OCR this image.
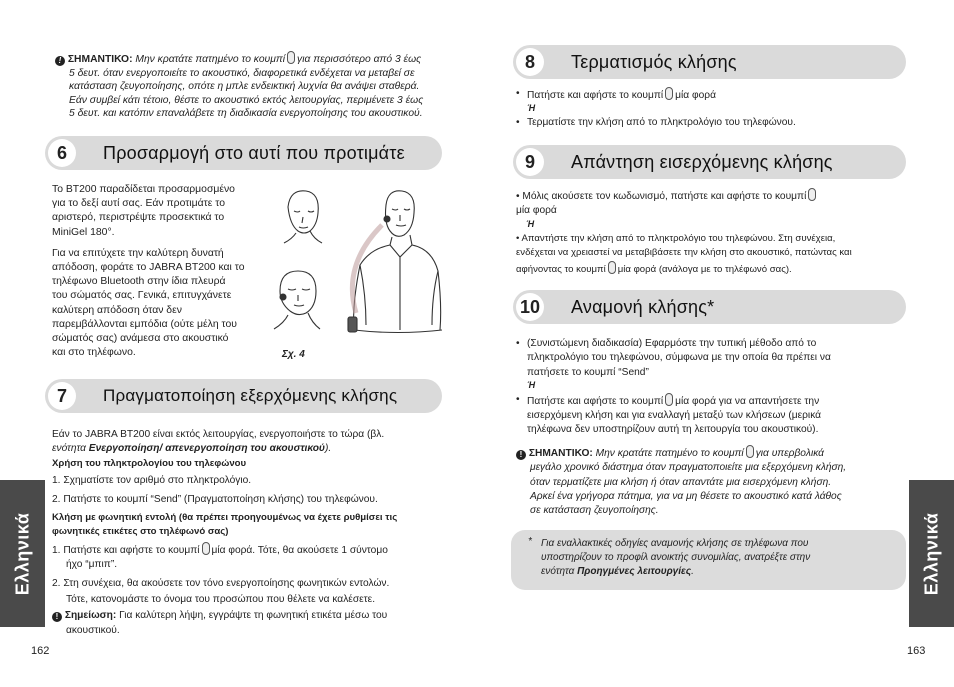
! ΣΗΜΑΝΤΙΚΟ: Μην κρατάτε πατημένο το κουμπί για περισσότερο από 3 έως
5 δευτ. όταν ενεργοποιείτε το ακουστικό, διαφορετικά ενδέχεται να μεταβεί σε
κατάσταση ζευγοποίησης, οπότε η μπλε ενδεικτική λυχνία θα ανάψει σταθερά.
Εάν συμβεί κάτι τέτοιο, θέστε το ακουστικό εκτός λειτουργίας, περιμένετε 3 έως
5 δευτ. και κατόπιν επαναλάβετε τη διαδικασία ενεργοποίησης του ακουστικού.
6	Προσαρμογή στο αυτί που προτιμάτε
Το BT200 παραδίδεται προσαρμοσμένο
για το δεξί αυτί σας. Εάν προτιμάτε το
αριστερό, περιστρέψτε προσεκτικά το
MiniGel 180°.
Για να επιτύχετε την καλύτερη δυνατή
απόδοση, φοράτε το JABRA BT200 και το
τηλέφωνο Bluetooth στην ίδια πλευρά
του σώματός σας. Γενικά, επιτυγχάνετε
καλύτερη απόδοση όταν δεν
παρεμβάλλονται εμπόδια (ούτε μέλη του
σώματός σας) ανάμεσα στο ακουστικό
και στο τηλέφωνο.	Σχ. 4
7	Πραγματοποίηση εξερχόμενης κλήσης
Εάν το JABRA BT200 είναι εκτός λειτουργίας, ενεργοποιήστε το τώρα (βλ.
ενότητα Ενεργοποίηση/ απενεργοποίηση του ακουστικού).
Χρήση του πληκτρολογίου του τηλεφώνου
1. Σχηματίστε τον αριθμό στο πληκτρολόγιο.
2. Πατήστε το κουμπί “Send” (Πραγματοποίηση κλήσης) του τηλεφώνου.
Κλήση με φωνητική εντολή (θα πρέπει προηγουμένως να έχετε ρυθμίσει τις
φωνητικές ετικέτες στο τηλέφωνό σας)
1. Πατήστε και αφήστε το κουμπί μία φορά. Τότε, θα ακούσετε 1 σύντομο
ήχο “μπιπ”.
2. Στη συνέχεια, θα ακούσετε τον τόνο ενεργοποίησης φωνητικών εντολών.
Τότε, κατονομάστε το όνομα του προσώπου που θέλετε να καλέσετε.
! Σημείωση: Για καλύτερη λήψη, εγγράψτε τη φωνητική ετικέτα μέσω του
ακουστικού.
Ελληνικά
162
8	Τερματισμός κλήσης
• Πατήστε και αφήστε το κουμπί μία φορά
Ή
• Τερματίστε την κλήση από το πληκτρολόγιο του τηλεφώνου.
9	Απάντηση εισερχόμενης κλήσης
• Μόλις ακούσετε τον κωδωνισμό, πατήστε και αφήστε το κουμπί
μία φορά
Ή
• Απαντήστε την κλήση από το πληκτρολόγιο του τηλεφώνου. Στη συνέχεια,
ενδέχεται να χρειαστεί να μεταβιβάσετε την κλήση στο ακουστικό, πατώντας και
αφήνοντας το κουμπί μία φορά (ανάλογα με το τηλέφωνό σας).
10 Αναμονή κλήσης*
• (Συνιστώμενη διαδικασία) Εφαρμόστε την τυπική μέθοδο από το
πληκτρολόγιο του τηλεφώνου, σύμφωνα με την οποία θα πρέπει να
πατήσετε το κουμπί “Send”
Ή
• Πατήστε και αφήστε το κουμπί μία φορά για να απαντήσετε την
εισερχόμενη κλήση και για εναλλαγή μεταξύ των κλήσεων (μερικά
τηλέφωνα δεν υποστηρίζουν αυτή τη λειτουργία του ακουστικού).
! ΣΗΜΑΝΤΙΚΟ: Μην κρατάτε πατημένο το κουμπί για υπερβολικά
μεγάλο χρονικό διάστημα όταν πραγματοποιείτε μια εξερχόμενη κλήση,
όταν τερματίζετε μια κλήση ή όταν απαντάτε μια εισερχόμενη κλήση.
Αρκεί ένα γρήγορα πάτημα, για να μη θέσετε το ακουστικό κατά λάθος
σε κατάσταση ζευγοποίησης.
* Για εναλλακτικές οδηγίες αναμονής κλήσης σε τηλέφωνα που
υποστηρίζουν το προφίλ ανοικτής συνομιλίας, ανατρέξτε στην
ενότητα Προηγμένες λειτουργίες.	Ελληνικά
163
